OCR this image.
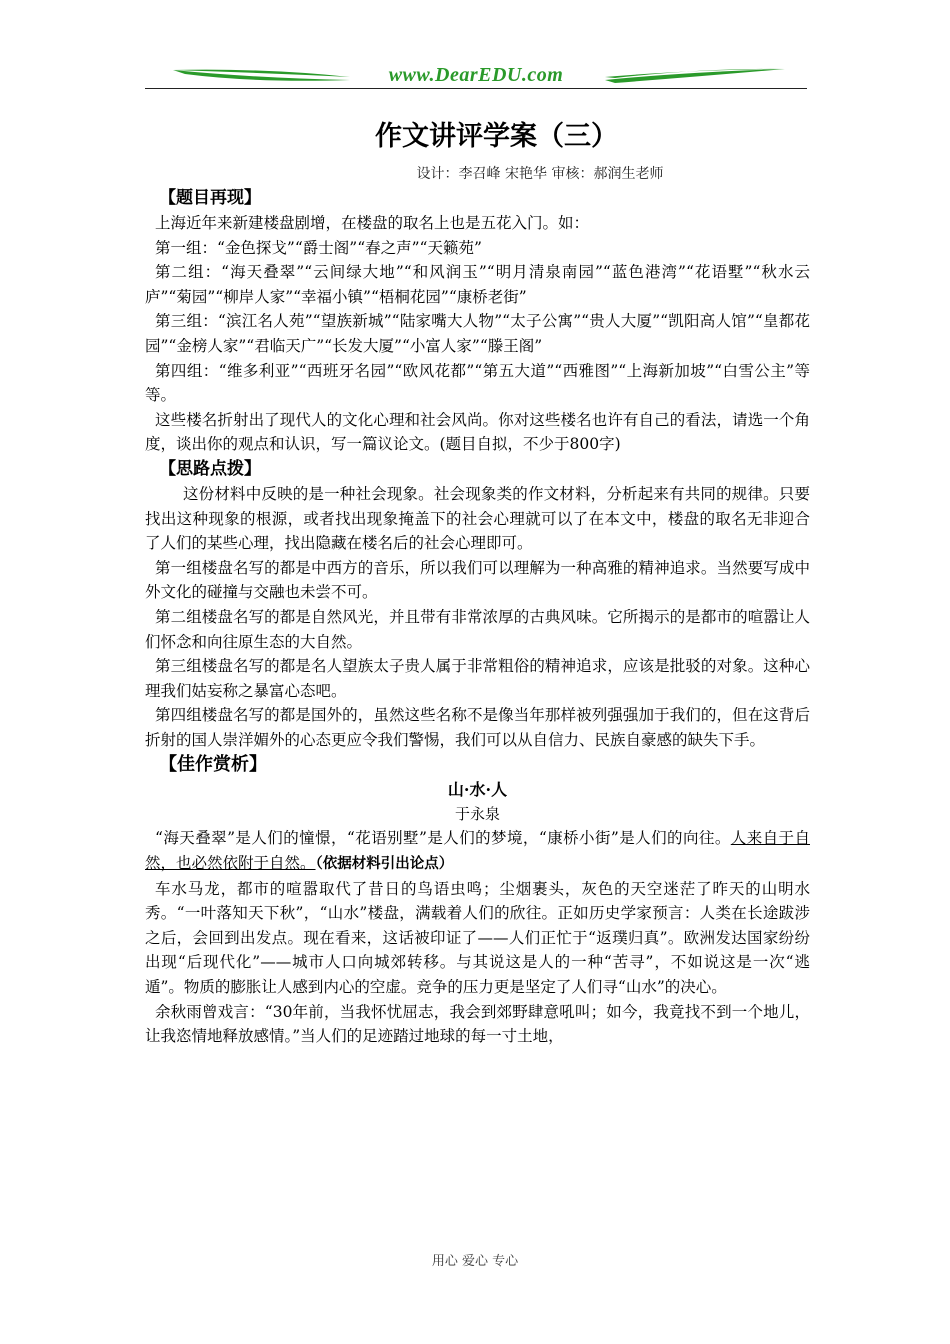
www.DearEDU.com
作文讲评学案（三）
设计：李召峰 宋艳华 审核：郝润生老师
【题目再现】

上海近年来新建楼盘剧增，在楼盘的取名上也是五花入门。如：

第一组：“金色探戈”“爵士阁”“春之声”“天籁苑”

第二组：“海天叠翠”“云间绿大地”“和风润玉”“明月清泉南园”“蓝色港湾”“花语墅”“秋水云庐”“菊园”“柳岸人家”“幸福小镇”“梧桐花园”“康桥老街”

第三组：“滨江名人苑”“望族新城”“陆家嘴大人物”“太子公寓”“贵人大厦”“凯阳高人馆”“皇都花园”“金榜人家”“君临天广”“长发大厦”“小富人家”“滕王阁”

第四组：“维多利亚”“西班牙名园”“欧风花都”“第五大道”“西雅图”“上海新加坡”“白雪公主”等等。

这些楼名折射出了现代人的文化心理和社会风尚。你对这些楼名也许有自己的看法，请选一个角度，谈出你的观点和认识，写一篇议论文。(题目自拟，不少于800字)

【思路点拨】

这份材料中反映的是一种社会现象。社会现象类的作文材料，分析起来有共同的规律。只要找出这种现象的根源，或者找出现象掩盖下的社会心理就可以了在本文中，楼盘的取名无非迎合了人们的某些心理，找出隐藏在楼名后的社会心理即可。

第一组楼盘名写的都是中西方的音乐，所以我们可以理解为一种高雅的精神追求。当然要写成中外文化的碰撞与交融也未尝不可。

第二组楼盘名写的都是自然风光，并且带有非常浓厚的古典风味。它所揭示的是都市的喧嚣让人们怀念和向往原生态的大自然。

第三组楼盘名写的都是名人望族太子贵人属于非常粗俗的精神追求，应该是批驳的对象。这种心理我们姑妄称之暴富心态吧。

第四组楼盘名写的都是国外的，虽然这些名称不是像当年那样被列强强加于我们的，但在这背后折射的国人崇洋媚外的心态更应令我们警惕，我们可以从自信力、民族自豪感的缺失下手。

【佳作赏析】
山·水·人
于永泉

“海天叠翠”是人们的憧憬，“花语别墅”是人们的梦境，“康桥小街”是人们的向往。人来自于自然，也必然依附于自然。（依据材料引出论点）

车水马龙，都市的喧嚣取代了昔日的鸟语虫鸣；尘烟裹头，灰色的天空迷茫了昨天的山明水秀。“一叶落知天下秋”，“山水”楼盘，满载着人们的欣往。正如历史学家预言：人类在长途跋涉之后，会回到出发点。现在看来，这话被印证了——人们正忙于“返璞归真”。欧洲发达国家纷纷出现“后现代化”——城市人口向城郊转移。与其说这是人的一种“苦寻”，不如说这是一次“逃遁”。物质的膨胀让人感到内心的空虚。竞争的压力更是坚定了人们寻“山水”的决心。

余秋雨曾戏言：“30年前，当我怀忧屈志，我会到郊野肆意吼叫；如今，我竟找不到一个地儿，让我恣情地释放感情。”当人们的足迹踏过地球的每一寸土地，

用心 爱心 专心
